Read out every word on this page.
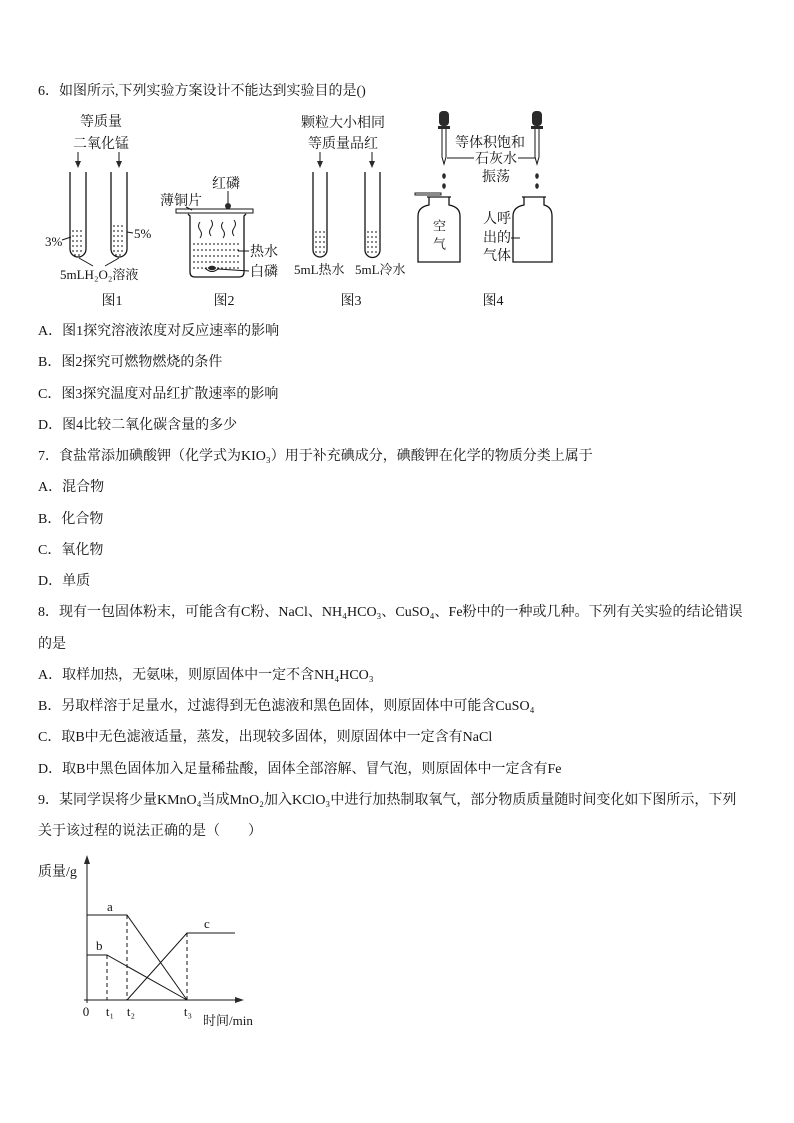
6．如图所示,下列实验方案设计不能达到实验目的是()
等质量
二氧化锰
3%
5%
5mLH₂O₂溶液
图1
红磷
薄铜片
热水
白磷
图2
颗粒大小相同
等质量品红
5mL热水 5mL冷水
图3
等体积饱和
石灰水
振荡
图4
空气	人呼出的气体
A．图1探究溶液浓度对反应速率的影响
B．图2探究可燃物燃烧的条件
C．图3探究温度对品红扩散速率的影响
D．图4比较二氧化碳含量的多少
7．食盐常添加碘酸钾（化学式为KIO₃）用于补充碘成分，碘酸钾在化学的物质分类上属于
A．混合物
B．化合物
C．氧化物
D．单质
8．现有一包固体粉末，可能含有C粉、NaCl、NH₄HCO₃、CuSO₄、Fe粉中的一种或几种。下列有关实验的结论错误
的是
A．取样加热，无氨味，则原固体中一定不含NH₄HCO₃
B．另取样溶于足量水，过滤得到无色滤液和黑色固体，则原固体中可能含CuSO₄
C．取B中无色滤液适量，蒸发，出现较多固体，则原固体中一定含有NaCl
D．取B中黑色固体加入足量稀盐酸，固体全部溶解、冒气泡，则原固体中一定含有Fe
9．某同学误将少量KMnO₄当成MnO₂加入KClO₃中进行加热制取氧气，部分物质质量随时间变化如下图所示，下列
关于该过程的说法正确的是（　　）
质量/g
a
b
c
0 t₁ t₂	t₃
时间/min
